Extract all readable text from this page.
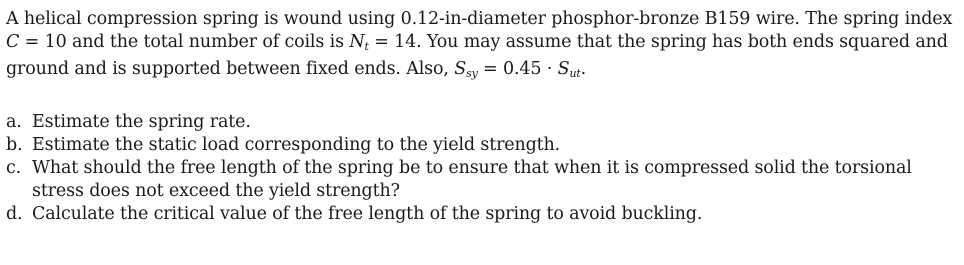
A helical compression spring is wound using 0.12-in-diameter phosphor-bronze B159 wire. The spring index C = 10 and the total number of coils is $N_t = 14$. You may assume that the spring has both ends squared and ground and is supported between fixed ends. Also, $S_{sy} = 0.45 \cdot S_{ut}$.

a. Estimate the spring rate.
b. Estimate the static load corresponding to the yield strength.
c. What should the free length of the spring be to ensure that when it is compressed solid the torsional stress does not exceed the yield strength?
d. Calculate the critical value of the free length of the spring to avoid buckling.
